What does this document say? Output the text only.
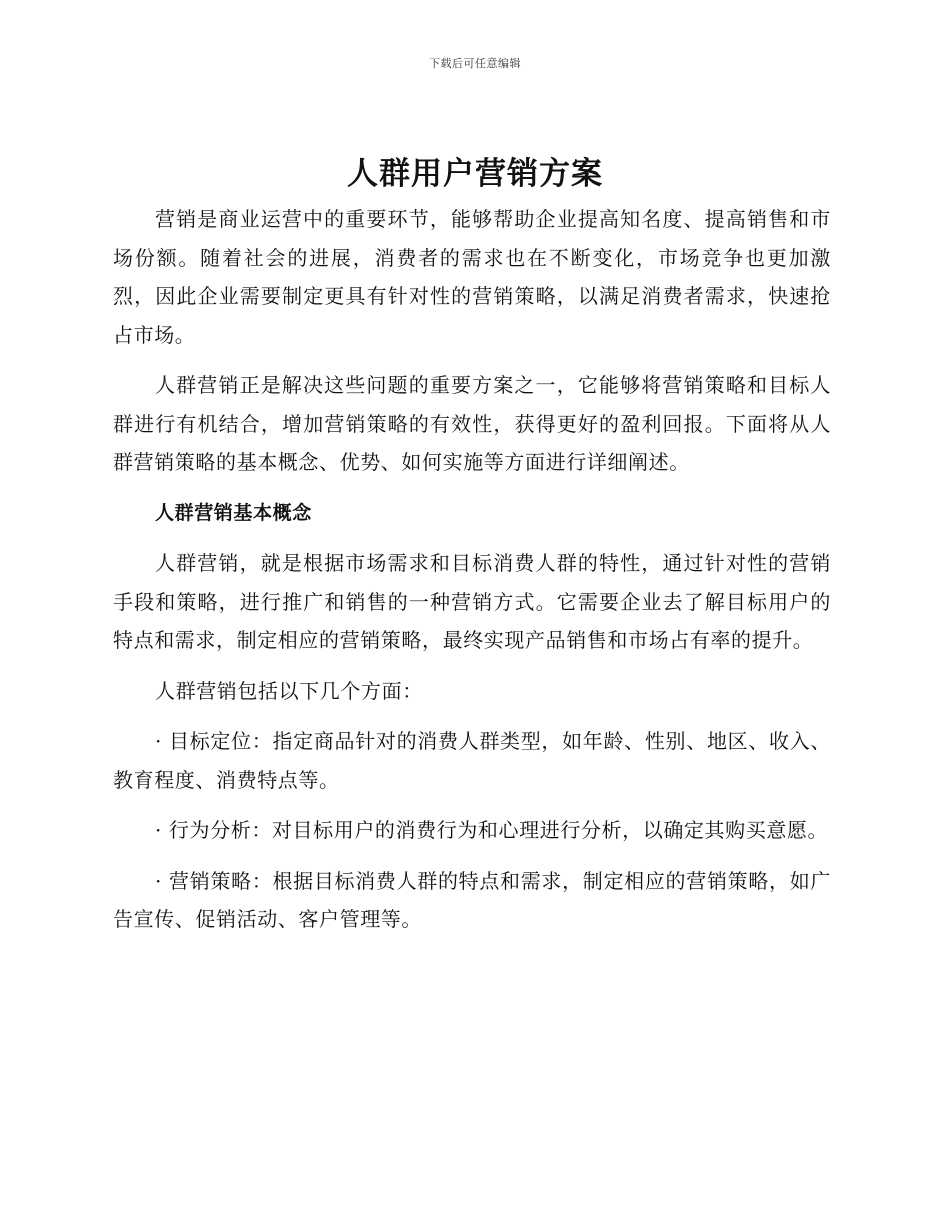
下载后可任意编辑
人群用户营销方案

营销是商业运营中的重要环节，能够帮助企业提高知名度、提高销售和市场份额。随着社会的进展，消费者的需求也在不断变化，市场竞争也更加激烈，因此企业需要制定更具有针对性的营销策略，以满足消费者需求，快速抢占市场。

人群营销正是解决这些问题的重要方案之一，它能够将营销策略和目标人群进行有机结合，增加营销策略的有效性，获得更好的盈利回报。下面将从人群营销策略的基本概念、优势、如何实施等方面进行详细阐述。

人群营销基本概念

人群营销，就是根据市场需求和目标消费人群的特性，通过针对性的营销手段和策略，进行推广和销售的一种营销方式。它需要企业去了解目标用户的特点和需求，制定相应的营销策略，最终实现产品销售和市场占有率的提升。

人群营销包括以下几个方面：

· 目标定位：指定商品针对的消费人群类型，如年龄、性别、地区、收入、教育程度、消费特点等。

· 行为分析：对目标用户的消费行为和心理进行分析，以确定其购买意愿。

· 营销策略：根据目标消费人群的特点和需求，制定相应的营销策略，如广告宣传、促销活动、客户管理等。
